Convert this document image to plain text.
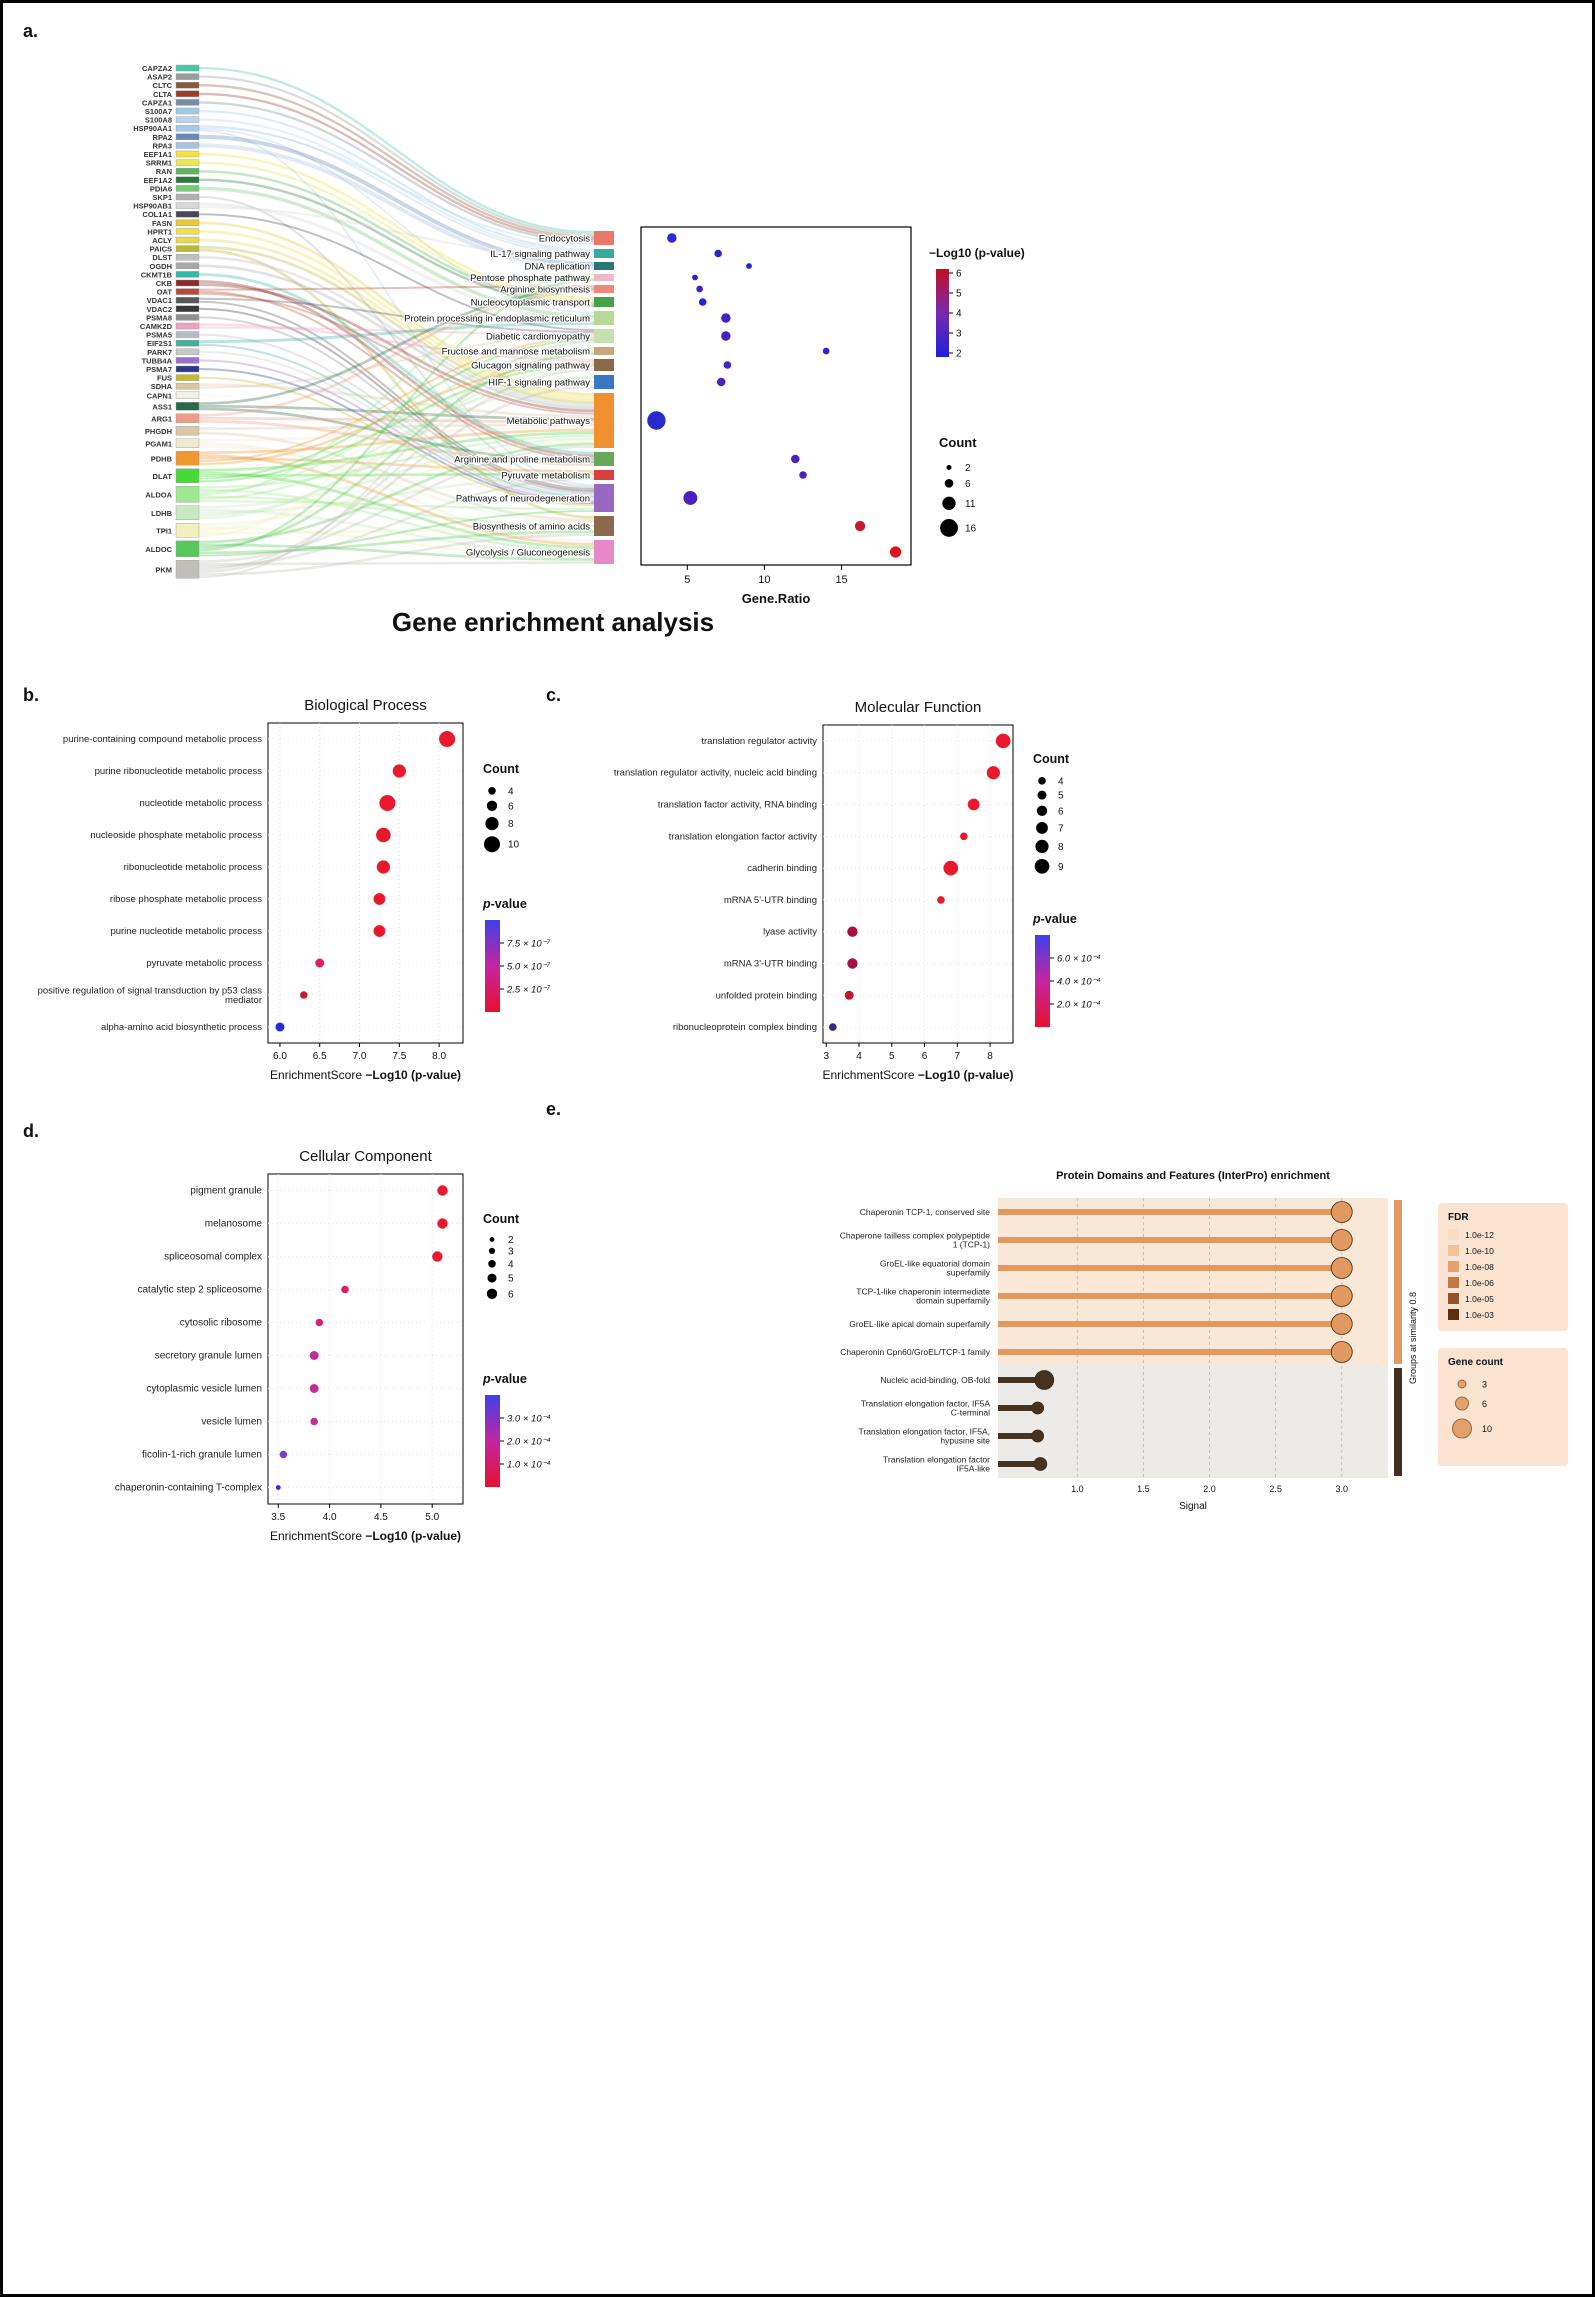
a.
b.	c.
d.
e.
Gene enrichment analysis
CAPZA2
ASAP2
CLTC
CLTA
CAPZA1
S100A7
S100A8
HSP90AA1
RPA2
RPA3
EEF1A1
SRRM1
RAN
EEF1A2
PDIA6
SKP1
HSP90AB1
COL1A1
FASN
HPRT1
ACLY
PAICS
DLST
OGDH
CKMT1B
CKB
OAT
VDAC1
VDAC2
PSMA8
CAMK2D
PSMA5
EIF2S1
PARK7
TUBB4A
PSMA7
FUS
SDHA
CAPN1
ASS1
ARG1
PHGDH
PGAM1
PDHB
DLAT
ALDOA
LDHB
TPI1
ALDOC
PKM
Endocytosis
IL-17 signaling pathway
DNA replication
Pentose phosphate pathway
Arginine biosynthesis
Nucleocytoplasmic transport
Protein processing in endoplasmic reticulum
Diabetic cardiomyopathy
Fructose and mannose metabolism
Glucagon signaling pathway
HIF-1 signaling pathway
Metabolic pathways
Arginine and proline metabolism
Pyruvate metabolism
Pathways of neurodegeneration
Biosynthesis of amino acids
Glycolysis / Gluconeogenesis
5	10	15
Gene.Ratio
−Log10 (p-value)
6
5
4
3
2
Count
2
6
11
16
Biological Process
6.0	6.5	7.0	7.5	8.0
purine-containing compound metabolic process
purine ribonucleotide metabolic process
nucleotide metabolic process
nucleoside phosphate metabolic process
ribonucleotide metabolic process
ribose phosphate metabolic process
purine nucleotide metabolic process
pyruvate metabolic process
positive regulation of signal transduction by p53 class mediator
alpha-amino acid biosynthetic process
EnrichmentScore −Log10 (p-value)
Count
4
6
8
10
p-value
7.5 × 10⁻⁷
5.0 × 10⁻⁷
2.5 × 10⁻⁷
Molecular Function
3	4	5	6	7	8
translation regulator activity
translation regulator activity, nucleic acid binding
translation factor activity, RNA binding
translation elongation factor activity
cadherin binding
mRNA 5'-UTR binding
lyase activity
mRNA 3'-UTR binding
unfolded protein binding
ribonucleoprotein complex binding
EnrichmentScore −Log10 (p-value)
Count
4
5
6
7
8
9
p-value
6.0 × 10⁻⁴
4.0 × 10⁻⁴
2.0 × 10⁻⁴
Cellular Component
3.5	4.0	4.5	5.0
pigment granule
melanosome
spliceosomal complex
catalytic step 2 spliceosome
cytosolic ribosome
secretory granule lumen
cytoplasmic vesicle lumen
vesicle lumen
ficolin-1-rich granule lumen
chaperonin-containing T-complex
EnrichmentScore −Log10 (p-value)
Count
2
3
4
5
6
p-value
3.0 × 10⁻⁴
2.0 × 10⁻⁴
1.0 × 10⁻⁴
Protein Domains and Features (InterPro) enrichment
1.0	1.5	2.0	2.5	3.0
Signal
Chaperonin TCP-1, conserved site
Chaperone tailless complex polypeptide 1 (TCP-1)
GroEL-like equatorial domain superfamily
TCP-1-like chaperonin intermediate domain superfamily
GroEL-like apical domain superfamily
Chaperonin Cpn60/GroEL/TCP-1 family
Nucleic acid-binding, OB-fold
Translation elongation factor, IF5A C-terminal
Translation elongation factor, IF5A, hypusine site
Translation elongation factor IF5A-like
Groups at similarity 0.8
FDR
1.0e-12
1.0e-10
1.0e-08
1.0e-06
1.0e-05
1.0e-03
Gene count
3
6
10
